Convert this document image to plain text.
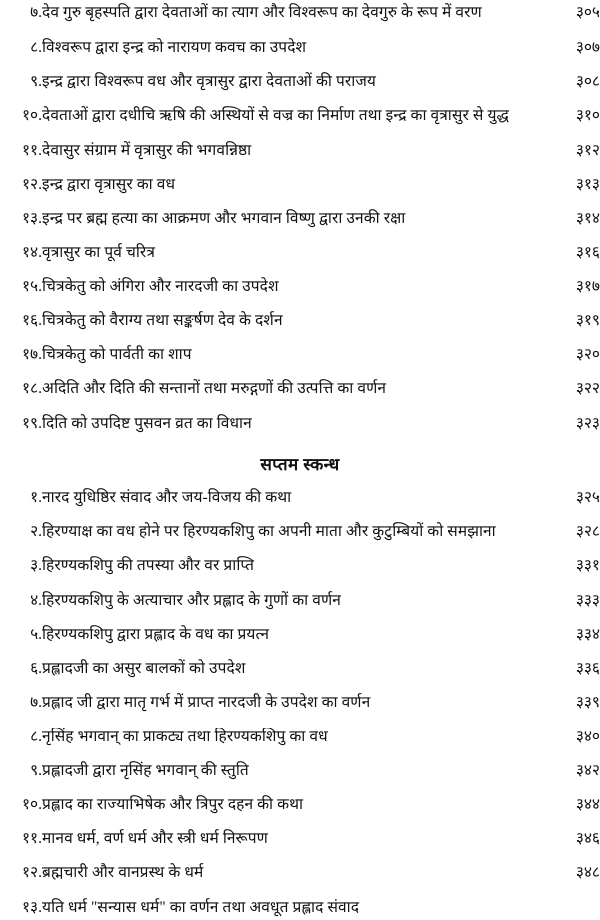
७.	देव गुरु बृहस्पति द्वारा देवताओं का त्याग और विश्वरूप का देवगुरु के रूप में वरण	३०५

८.	विश्वरूप द्वारा इन्द्र को नारायण कवच का उपदेश	३०७

९.	इन्द्र द्वारा विश्वरूप वध और वृत्रासुर द्वारा देवताओं की पराजय	३०८

१०.	देवताओं द्वारा दधीचि ऋषि की अस्थियों से वज्र का निर्माण तथा इन्द्र का वृत्रासुर से युद्ध	३१०

११.	देवासुर संग्राम में वृत्रासुर की भगवन्निष्ठा	३१२

१२.	इन्द्र द्वारा वृत्रासुर का वध	३१३

१३.	इन्द्र पर ब्रह्म हत्या का आक्रमण और भगवान विष्णु द्वारा उनकी रक्षा	३१४

१४.	वृत्रासुर का पूर्व चरित्र	३१६

१५.	चित्रकेतु को अंगिरा और नारदजी का उपदेश	३१७

१६.	चित्रकेतु को वैराग्य तथा सङ्कर्षण देव के दर्शन	३१९

१७.	चित्रकेतु को पार्वती का शाप	३२०

१८.	अदिति और दिति की सन्तानों तथा मरुद्गणों की उत्पत्ति का वर्णन	३२२

१९.	दिति को उपदिष्ट पुसवन व्रत का विधान	३२३
सप्तम स्कन्ध		
१.	नारद युधिष्ठिर संवाद और जय-विजय की कथा	३२५

२.	हिरण्याक्ष का वध होने पर हिरण्यकशिपु का अपनी माता और कुटुम्बियों को समझाना	३२८

३.	हिरण्यकशिपु की तपस्या और वर प्राप्ति	३३१

४.	हिरण्यकशिपु के अत्याचार और प्रह्लाद के गुणों का वर्णन	३३३

५.	हिरण्यकशिपु द्वारा प्रह्लाद के वध का प्रयत्न	३३४

६.	प्रह्लादजी का असुर बालकों को उपदेश	३३६

७.	प्रह्लाद जी द्वारा मातृ गर्भ में प्राप्त नारदजी के उपदेश का वर्णन	३३९

८.	नृसिंह भगवान् का प्राकट्य तथा हिरण्यकशिपु का वध	३४०

९.	प्रह्लादजी द्वारा नृसिंह भगवान् की स्तुति	३४२

१०.	प्रह्लाद का राज्याभिषेक और त्रिपुर दहन की कथा	३४४

११.	मानव धर्म, वर्ण धर्म और स्त्री धर्म निरूपण	३४६

१२.	ब्रह्मचारी और वानप्रस्थ के धर्म	३४८

१३.	यति धर्म "सन्यास धर्म" का वर्णन तथा अवधूत प्रह्लाद संवाद	
